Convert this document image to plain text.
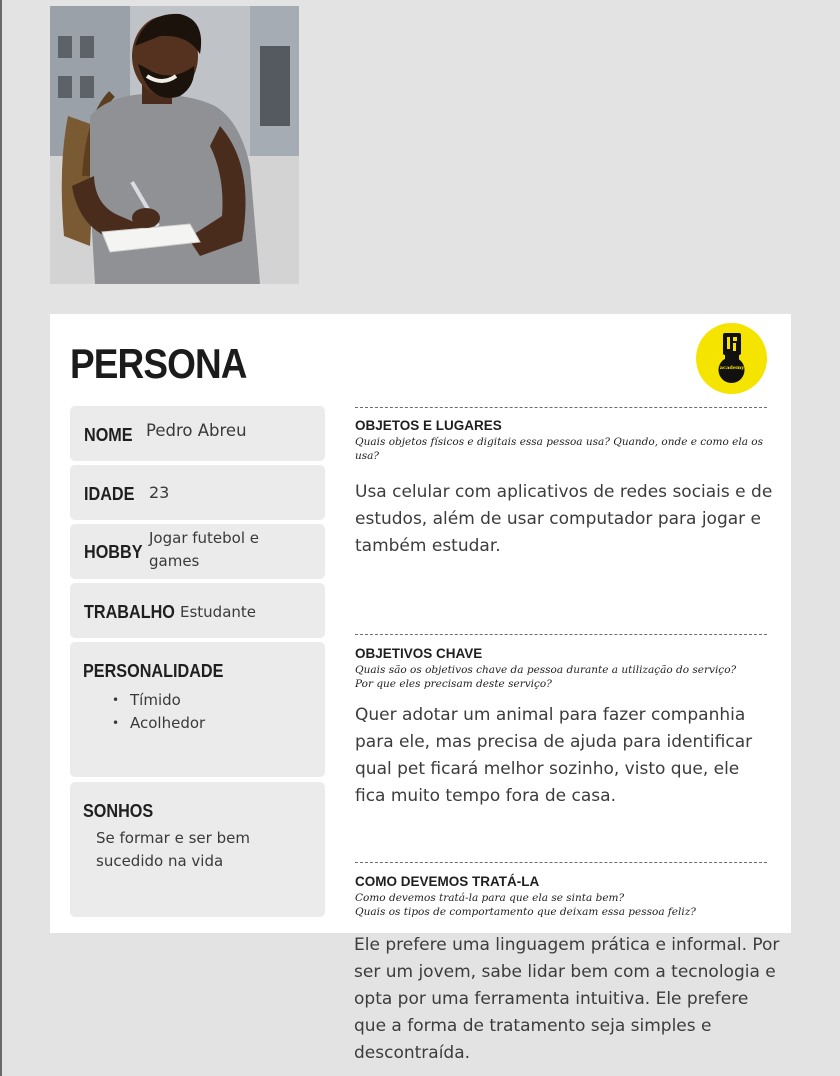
PERSONA	academy
NOME Pedro Abreu
IDADE 23
HOBBY
Jogar futebol e games
TRABALHO Estudante
PERSONALIDADE
• Tímido
• Acolhedor
SONHOS
Se formar e ser bem sucedido na vida
OBJETOS E LUGARES
Quais objetos físicos e digitais essa pessoa usa? Quando, onde e como ela os usa?
Usa celular com aplicativos de redes sociais e de estudos, além de usar computador para jogar e também estudar.
OBJETIVOS CHAVE
Quais são os objetivos chave da pessoa durante a utilização do serviço?
Por que eles precisam deste serviço?
Quer adotar um animal para fazer companhia para ele, mas precisa de ajuda para identificar qual pet ficará melhor sozinho, visto que, ele fica muito tempo fora de casa.
COMO DEVEMOS TRATÁ-LA
Como devemos tratá-la para que ela se sinta bem?
Quais os tipos de comportamento que deixam essa pessoa feliz?
Ele prefere uma linguagem prática e informal. Por ser um jovem, sabe lidar bem com a tecnologia e opta por uma ferramenta intuitiva. Ele prefere que a forma de tratamento seja simples e descontraída.
